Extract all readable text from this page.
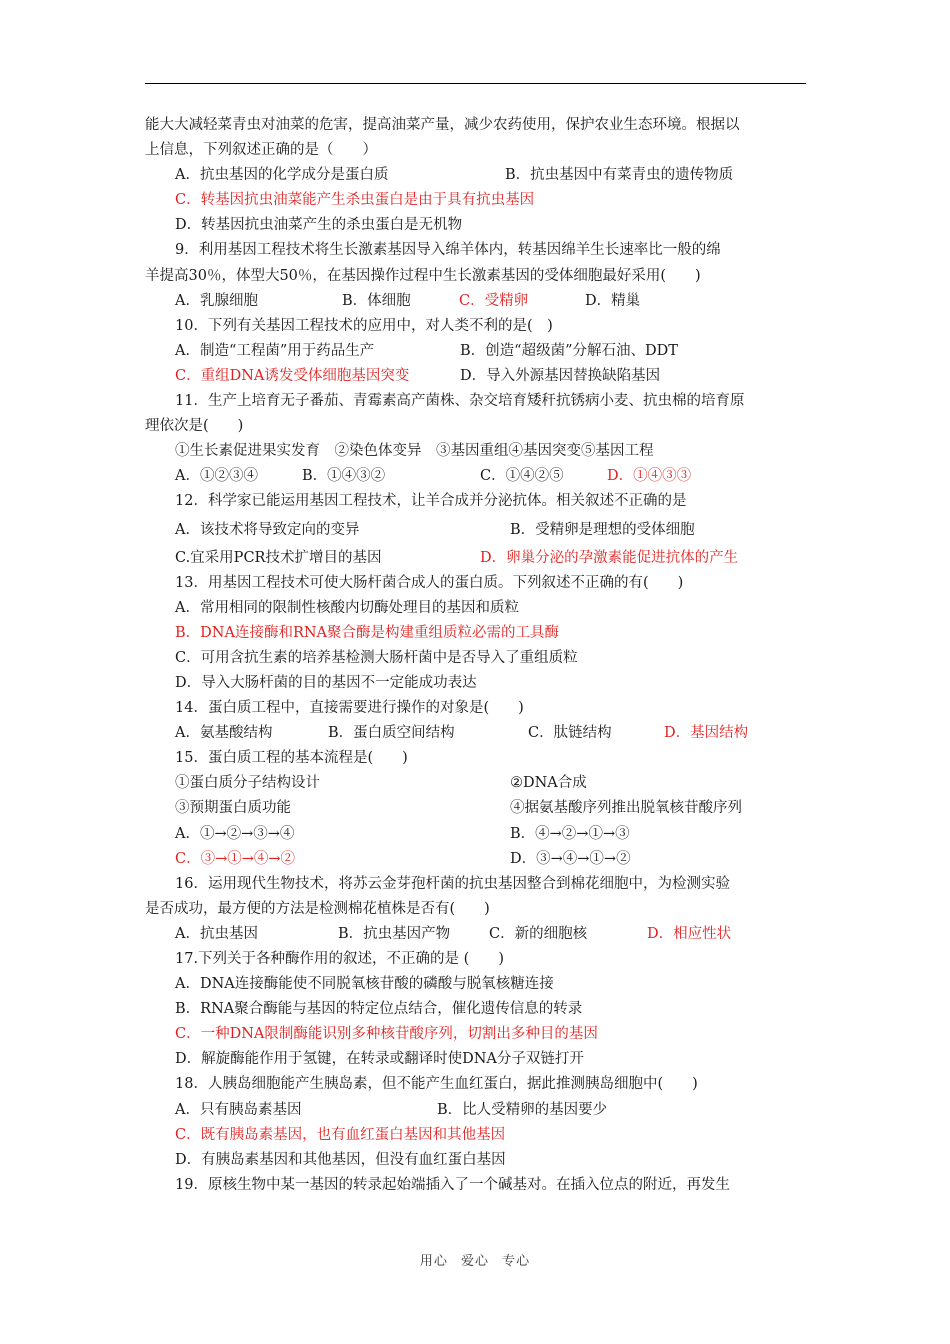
能大大减轻菜青虫对油菜的危害，提高油菜产量，减少农药使用，保护农业生态环境。根据以
上信息，下列叙述正确的是（　　）
A．抗虫基因的化学成分是蛋白质	B．抗虫基因中有菜青虫的遗传物质
C．转基因抗虫油菜能产生杀虫蛋白是由于具有抗虫基因
D．转基因抗虫油菜产生的杀虫蛋白是无机物
9．利用基因工程技术将生长激素基因导入绵羊体内，转基因绵羊生长速率比一般的绵
羊提高30％，体型大50％，在基因操作过程中生长激素基因的受体细胞最好采用(　　)
A．乳腺细胞	B．体细胞	C．受精卵	D．精巢
10．下列有关基因工程技术的应用中，对人类不利的是(　)
A．制造“工程菌”用于药品生产	B．创造“超级菌”分解石油、DDT
C．重组DNA诱发受体细胞基因突变	D．导入外源基因替换缺陷基因
11．生产上培育无子番茄、青霉素高产菌株、杂交培育矮秆抗锈病小麦、抗虫棉的培育原
理依次是(　　)
①生长素促进果实发育　②染色体变异　③基因重组④基因突变⑤基因工程
A．①②③④	B．①④③②	C．①④②⑤	D．①④③③
12．科学家已能运用基因工程技术，让羊合成并分泌抗体。相关叙述不正确的是
A．该技术将导致定向的变异	B．受精卵是理想的受体细胞
C.宜采用PCR技术扩增目的基因	D．卵巢分泌的孕激素能促进抗体的产生
13．用基因工程技术可使大肠杆菌合成人的蛋白质。下列叙述不正确的有(　　)
A．常用相同的限制性核酸内切酶处理目的基因和质粒
B．DNA连接酶和RNA聚合酶是构建重组质粒必需的工具酶
C．可用含抗生素的培养基检测大肠杆菌中是否导入了重组质粒
D．导入大肠杆菌的目的基因不一定能成功表达
14．蛋白质工程中，直接需要进行操作的对象是(　　)
A．氨基酸结构	B．蛋白质空间结构	C．肽链结构	D．基因结构
15．蛋白质工程的基本流程是(　　)
①蛋白质分子结构设计	②DNA合成
③预期蛋白质功能	④据氨基酸序列推出脱氧核苷酸序列
A．①→②→③→④	B．④→②→①→③
C．③→①→④→②	D．③→④→①→②
16．运用现代生物技术，将苏云金芽孢杆菌的抗虫基因整合到棉花细胞中，为检测实验
是否成功，最方便的方法是检测棉花植株是否有(　　)
A．抗虫基因	B．抗虫基因产物	C．新的细胞核	D．相应性状
17.下列关于各种酶作用的叙述，不正确的是 (　　)
A．DNA连接酶能使不同脱氧核苷酸的磷酸与脱氧核糖连接
B．RNA聚合酶能与基因的特定位点结合，催化遗传信息的转录
C．一种DNA限制酶能识别多种核苷酸序列，切割出多种目的基因
D．解旋酶能作用于氢键，在转录或翻译时使DNA分子双链打开
18．人胰岛细胞能产生胰岛素，但不能产生血红蛋白，据此推测胰岛细胞中(　　)
A．只有胰岛素基因	B．比人受精卵的基因要少
C．既有胰岛素基因，也有血红蛋白基因和其他基因
D．有胰岛素基因和其他基因，但没有血红蛋白基因
19．原核生物中某一基因的转录起始端插入了一个碱基对。在插入位点的附近，再发生
用心 爱心 专心
